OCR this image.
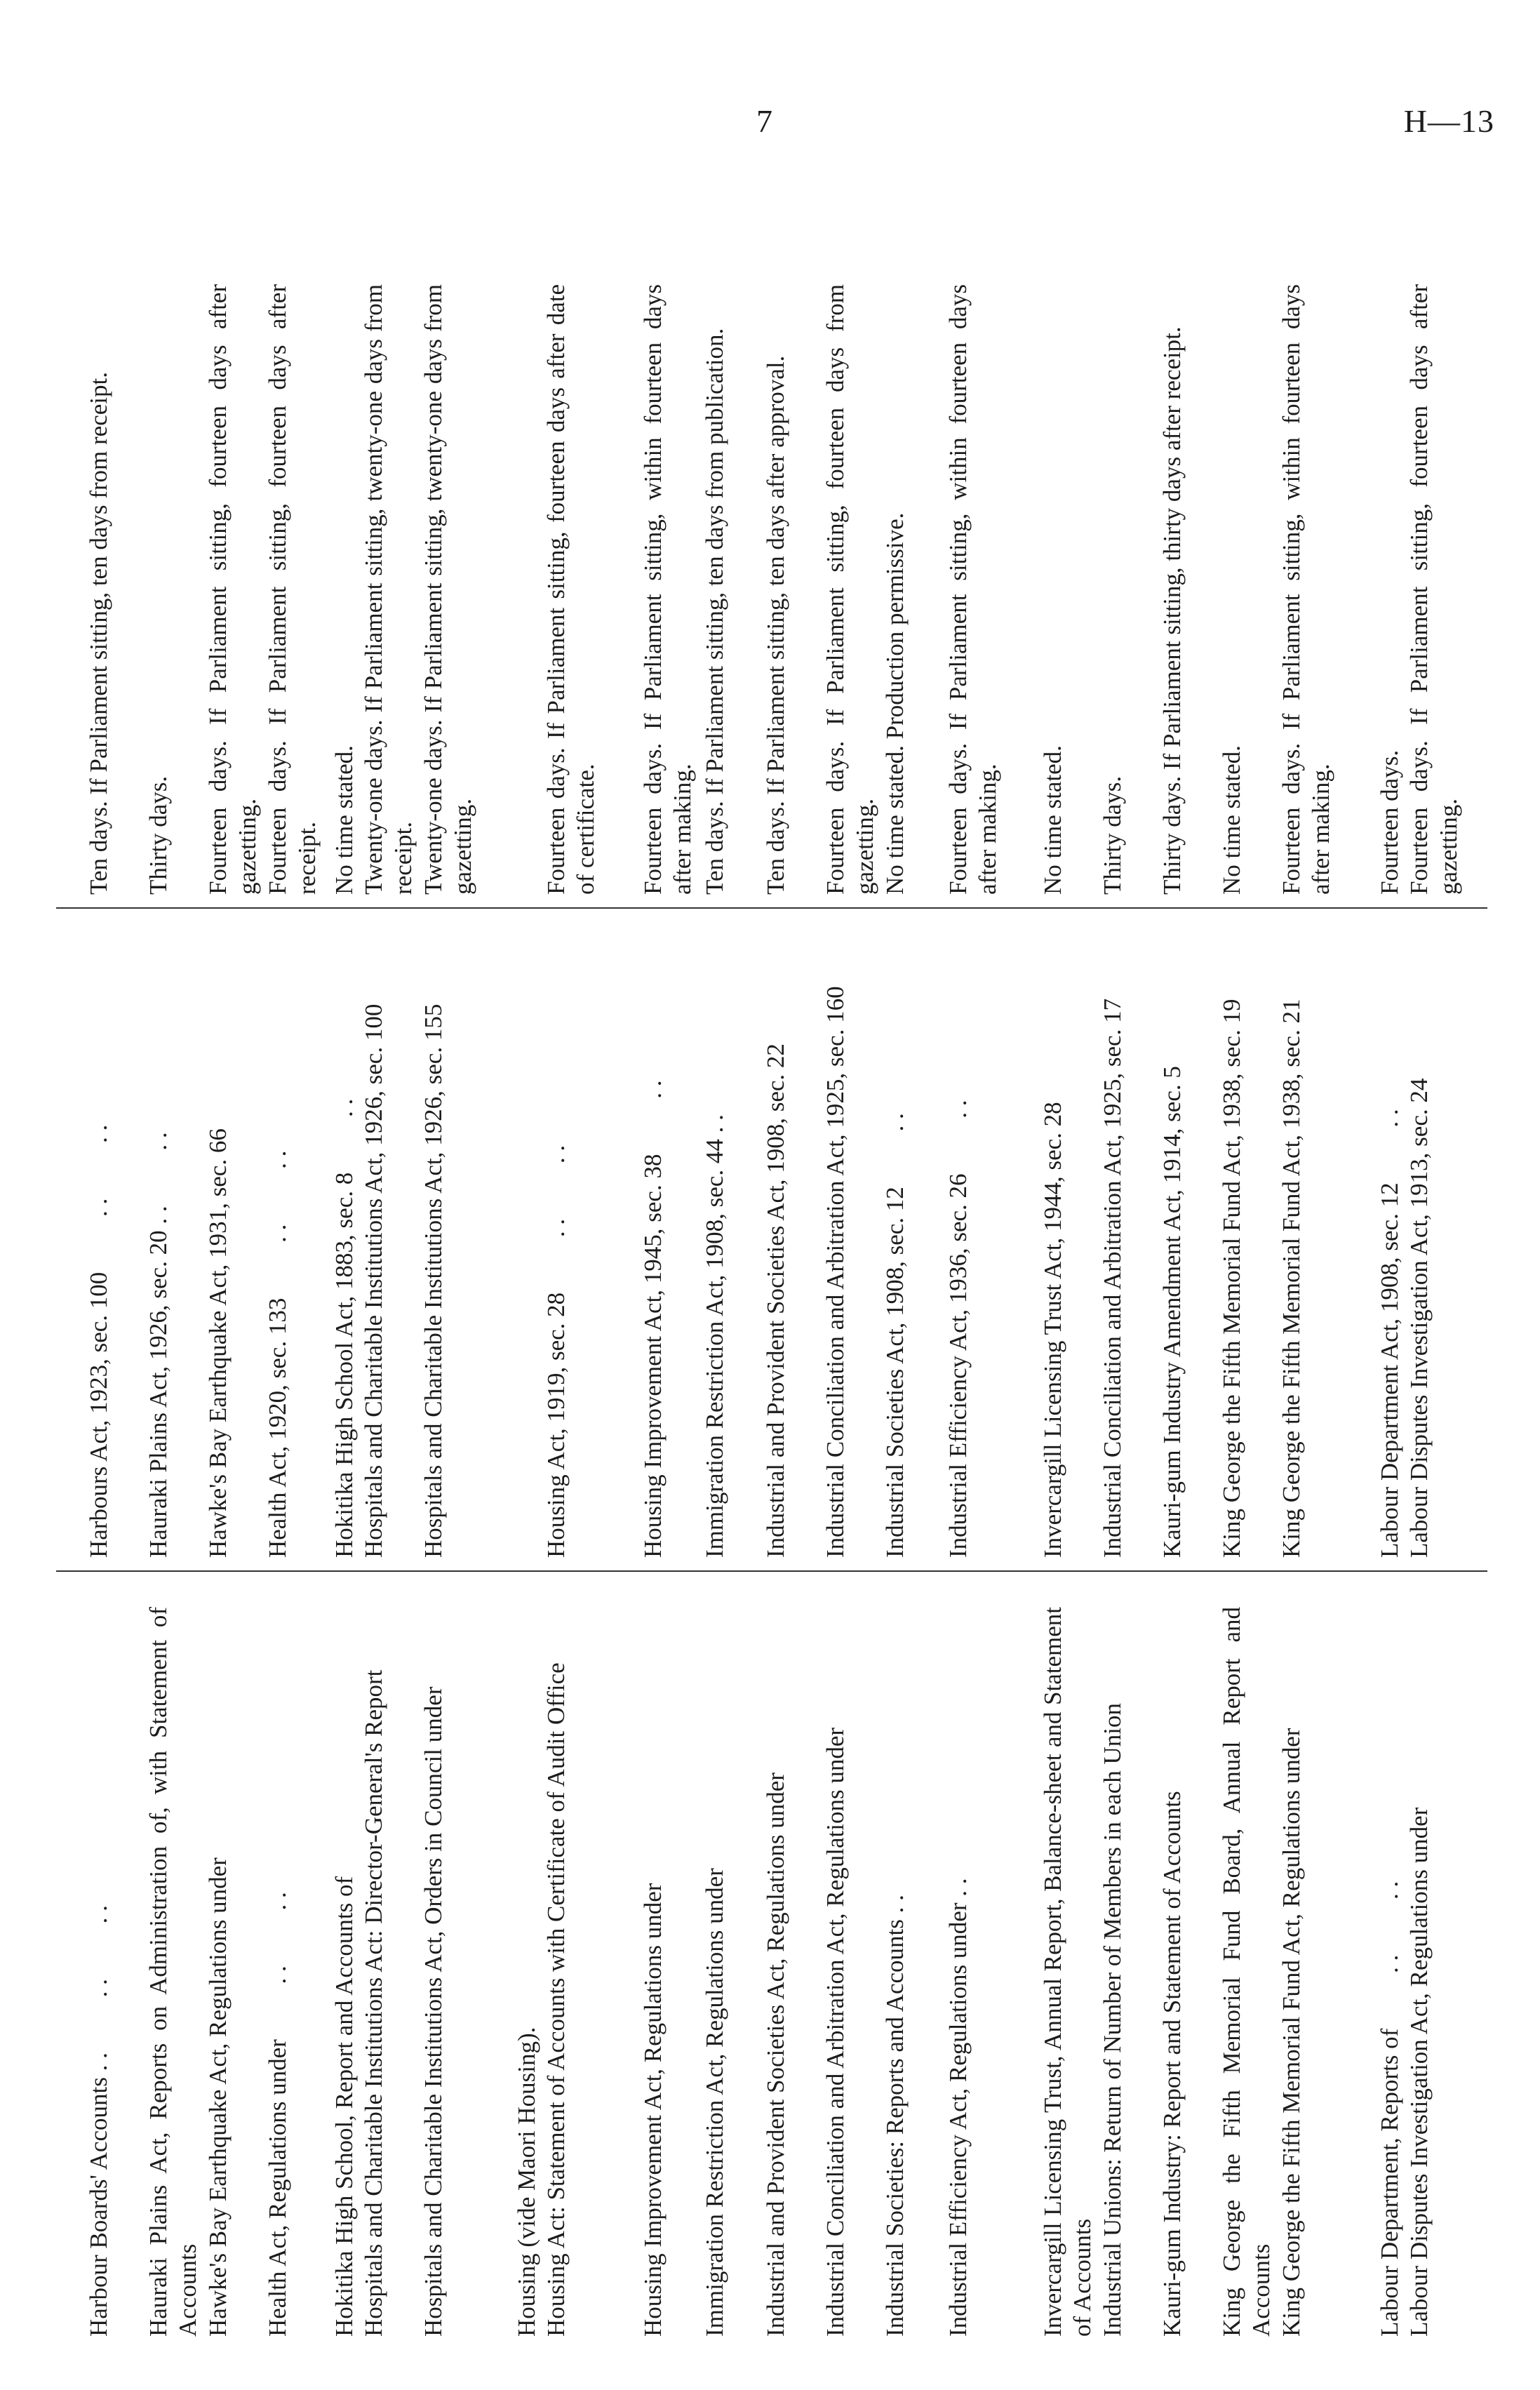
7	H—13
Harbour Boards' Accounts . .         . .         . .
Harbours Act, 1923, sec. 100         . .         . .
Ten days. If Parliament sitting, ten days from receipt.
Hauraki Plains Act, Reports on Administration of, with Statement of Accounts
Hauraki Plains Act, 1926, sec. 20 . .         . .
Thirty days.
Hawke's Bay Earthquake Act, Regulations under
Hawke's Bay Earthquake Act, 1931, sec. 66
Fourteen days. If Parliament sitting, fourteen days after gazetting.
Health Act, Regulations under         . .         . .
Health Act, 1920, sec. 133         . .         . .
Fourteen days. If Parliament sitting, fourteen days after receipt.
Hokitika High School, Report and Accounts of
Hokitika High School Act, 1883, sec. 8         . .
No time stated.
Hospitals and Charitable Institutions Act: Director-General's Report
Hospitals and Charitable Institutions Act, 1926, sec. 100
Twenty-one days. If Parliament sitting, twenty-one days from receipt.
Hospitals and Charitable Institutions Act, Orders in Council under
Hospitals and Charitable Institutions Act, 1926, sec. 155
Twenty-one days. If Parliament sitting, twenty-one days from gazetting.
Housing (vide Maori Housing). Housing Act: Statement of Accounts with Certificate of Audit Office
Housing Act, 1919, sec. 28         . .         . .
Fourteen days. If Parliament sitting, fourteen days after date of certificate.
Housing Improvement Act, Regulations under
Housing Improvement Act, 1945, sec. 38         . .
Fourteen days. If Parliament sitting, within fourteen days after making.
Immigration Restriction Act, Regulations under
Immigration Restriction Act, 1908, sec. 44 . .
Ten days. If Parliament sitting, ten days from publication.
Industrial and Provident Societies Act, Regulations under
Industrial and Provident Societies Act, 1908, sec. 22
Ten days. If Parliament sitting, ten days after approval.
Industrial Conciliation and Arbitration Act, Regulations under
Industrial Conciliation and Arbitration Act, 1925, sec. 160
Fourteen days. If Parliament sitting, fourteen days from gazetting.
Industrial Societies: Reports and Accounts . .
Industrial Societies Act, 1908, sec. 12         . .
No time stated. Production permissive.
Industrial Efficiency Act, Regulations under . .
Industrial Efficiency Act, 1936, sec. 26         . .
Fourteen days. If Parliament sitting, within fourteen days after making.
Invercargill Licensing Trust, Annual Report, Balance-sheet and Statement of Accounts
Invercargill Licensing Trust Act, 1944, sec. 28
No time stated.
Industrial Unions: Return of Number of Members in each Union
Industrial Conciliation and Arbitration Act, 1925, sec. 17
Thirty days.
Kauri-gum Industry: Report and Statement of Accounts
Kauri-gum Industry Amendment Act, 1914, sec. 5
Thirty days. If Parliament sitting, thirty days after receipt.
King George the Fifth Memorial Fund Board, Annual Report and Accounts
King George the Fifth Memorial Fund Act, 1938, sec. 19
No time stated.
King George the Fifth Memorial Fund Act, Regulations under
King George the Fifth Memorial Fund Act, 1938, sec. 21
Fourteen days. If Parliament sitting, within fourteen days after making.
Labour Department, Reports of         . .         . .
Labour Department Act, 1908, sec. 12         . .
Fourteen days.
Labour Disputes Investigation Act, Regulations under
Labour Disputes Investigation Act, 1913, sec. 24
Fourteen days. If Parliament sitting, fourteen days after gazetting.
